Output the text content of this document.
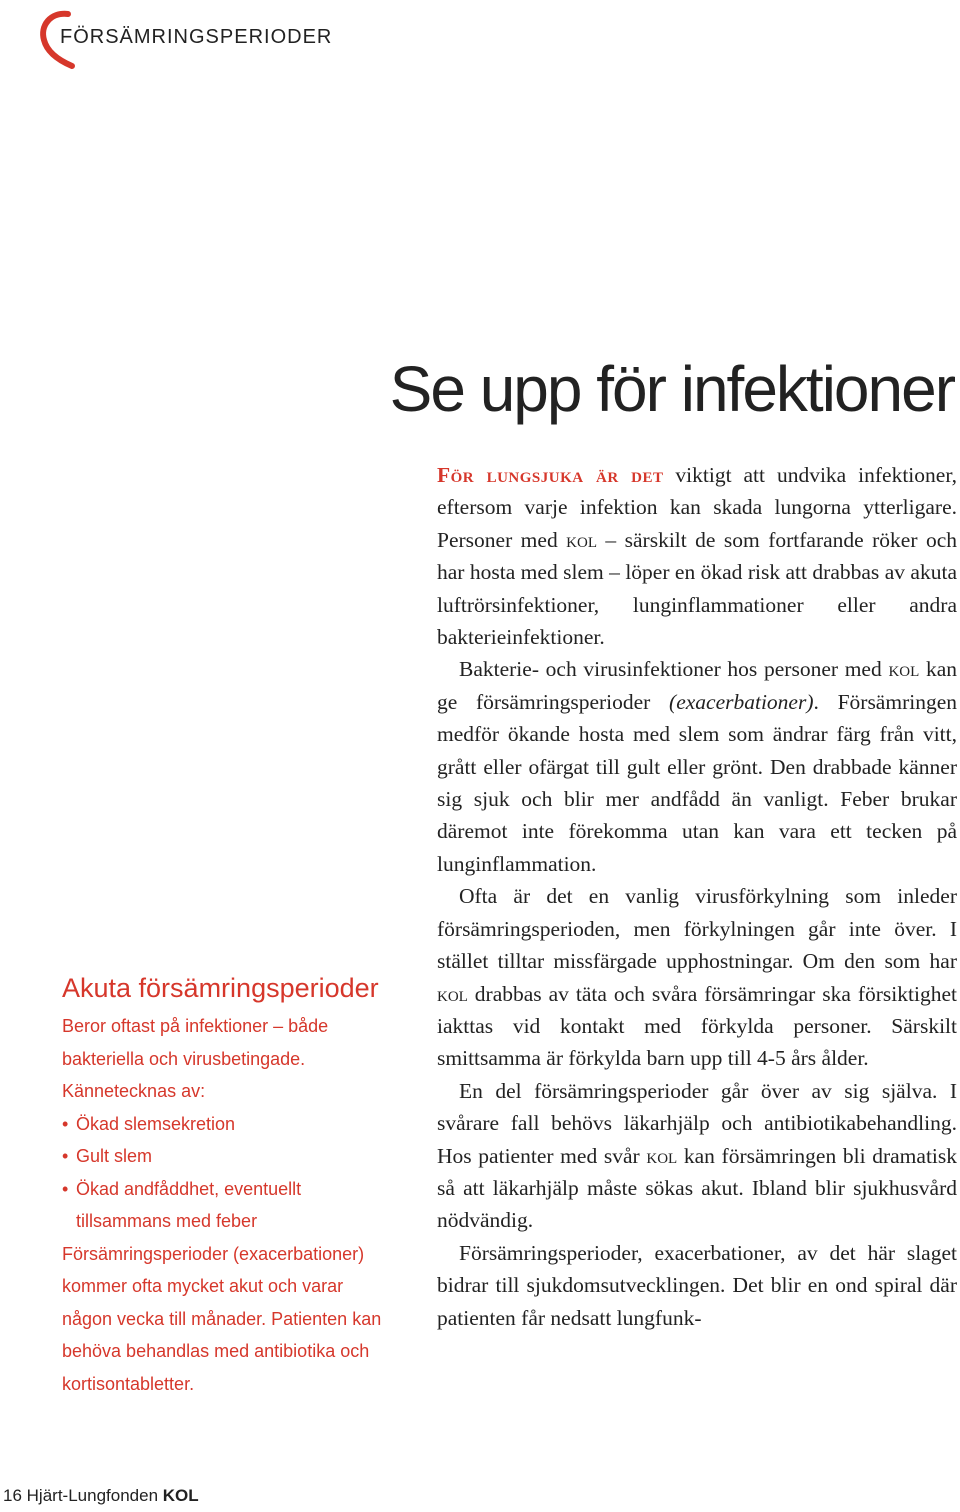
FÖRSÄMRINGSPERIODER
Se upp för infektioner
Akuta försämringsperioder

Beror oftast på infektioner – både bakteriella och virusbetingade.

Kännetecknas av:

• Ökad slemsekretion
• Gult slem
• Ökad andfåddhet, eventuellt tillsammans med feber

Försämringsperioder (exacerbationer) kommer ofta mycket akut och varar någon vecka till månader. Patienten kan behöva behandlas med antibiotika och kortisontabletter.

För lungsjuka är det viktigt att undvika infektioner, eftersom varje infektion kan skada lungorna ytterligare. Personer med kol – särskilt de som fortfarande röker och har hosta med slem – löper en ökad risk att drabbas av akuta luftrörsinfektioner, lunginflammationer eller andra bakterieinfektioner.

Bakterie- och virusinfektioner hos personer med kol kan ge försämringsperioder (exacerbationer). Försämringen medför ökande hosta med slem som ändrar färg från vitt, grått eller ofärgat till gult eller grönt. Den drabbade känner sig sjuk och blir mer andfådd än vanligt. Feber brukar däremot inte förekomma utan kan vara ett tecken på lunginflammation.

Ofta är det en vanlig virusförkylning som inleder försämringsperioden, men förkylningen går inte över. I stället tilltar missfärgade upphostningar. Om den som har kol drabbas av täta och svåra försämringar ska försiktighet iakttas vid kontakt med förkylda personer. Särskilt smittsamma är förkylda barn upp till 4-5 års ålder.

En del försämringsperioder går över av sig själva. I svårare fall behövs läkarhjälp och antibiotikabehandling. Hos patienter med svår kol kan försämringen bli dramatisk så att läkarhjälp måste sökas akut. Ibland blir sjukhusvård nödvändig.

Försämringsperioder, exacerbationer, av det här slaget bidrar till sjukdomsutvecklingen. Det blir en ond spiral där patienten får nedsatt lungfunk-

16 Hjärt-Lungfonden KOL
